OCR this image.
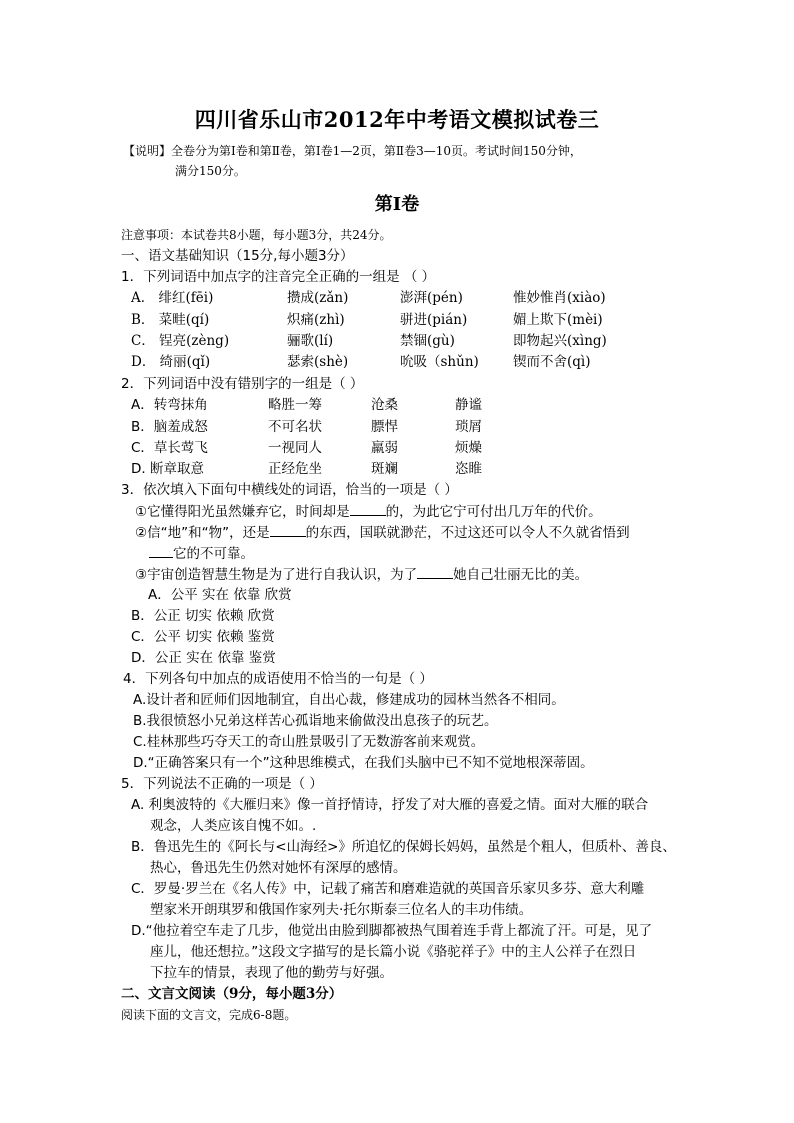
四川省乐山市2012年中考语文模拟试卷三
【说明】全卷分为第Ⅰ卷和第Ⅱ卷，第Ⅰ卷1—2页，第Ⅱ卷3—10页。考试时间150分钟，
满分150分。
第Ⅰ卷
注意事项：本试卷共8小题，每小题3分，共24分。
一、语文基础知识（15分,每小题3分）
1．下列词语中加点字的注音完全正确的一组是 （ ）
A． 绯红(fēi)	攒成(zǎn)	澎湃(pén)	惟妙惟肖(xiào)
B． 菜畦(qí)	炽痛(zhì)	骈进(pián)	媚上欺下(mèi)
C． 锃亮(zèng)	骊歌(lí)	禁锢(gù)	即物起兴(xìng)
D． 绮丽(qǐ)	瑟索(shè)	吮吸（shǔn)	锲而不舍(qì)
2．下列词语中没有错别字的一组是（ ）
A．转弯抹角	略胜一筹	沧桑	静谧
B．脑羞成怒	不可名状	膘悍	琐屑
C．草长莺飞	一视同人	羸弱	烦燥
D. 断章取意	正经危坐	斑斓	恣睢
3．依次填入下面句中横线处的词语，恰当的一项是（ ）
①它懂得阳光虽然嫌弃它，时间却是	的，为此它宁可付出几万年的代价。
②信“地”和“物”，还是	的东西，国联就渺茫，不过这还可以令人不久就省悟到
它的不可靠。
③宇宙创造智慧生物是为了进行自我认识，为了	她自己壮丽无比的美。
A．公平 实在 依靠 欣赏
B．公正 切实 依赖 欣赏
C．公平 切实 依赖 鉴赏
D．公正 实在 依靠 鉴赏
4．下列各句中加点的成语使用不恰当的一句是（ ）
A.设计者和匠师们因地制宜，自出心裁，修建成功的园林当然各不相同。
B.我很愤怒小兄弟这样苦心孤诣地来偷做没出息孩子的玩艺。
C.桂林那些巧夺天工的奇山胜景吸引了无数游客前来观赏。
D.“正确答案只有一个”这种思维模式，在我们头脑中已不知不觉地根深蒂固。
5．下列说法不正确的一项是（ ）
A. 利奥波特的《大雁归来》像一首抒情诗，抒发了对大雁的喜爱之情。面对大雁的联合
观念，人类应该自愧不如。.
B．鲁迅先生的《阿长与<山海经>》所追忆的保姆长妈妈，虽然是个粗人，但质朴、善良、
热心，鲁迅先生仍然对她怀有深厚的感情。
C．罗曼·罗兰在《名人传》中，记载了痛苦和磨难造就的英国音乐家贝多芬、意大利雕
塑家米开朗琪罗和俄国作家列夫·托尔斯泰三位名人的丰功伟绩。
D.“他拉着空车走了几步，他觉出由脸到脚都被热气围着连手背上都流了汗。可是，见了
座儿，他还想拉。”这段文字描写的是长篇小说《骆驼祥子》中的主人公祥子在烈日
下拉车的情景，表现了他的勤劳与好强。
二、文言文阅读（9分，每小题3分）
阅读下面的文言文，完成6-8题。
